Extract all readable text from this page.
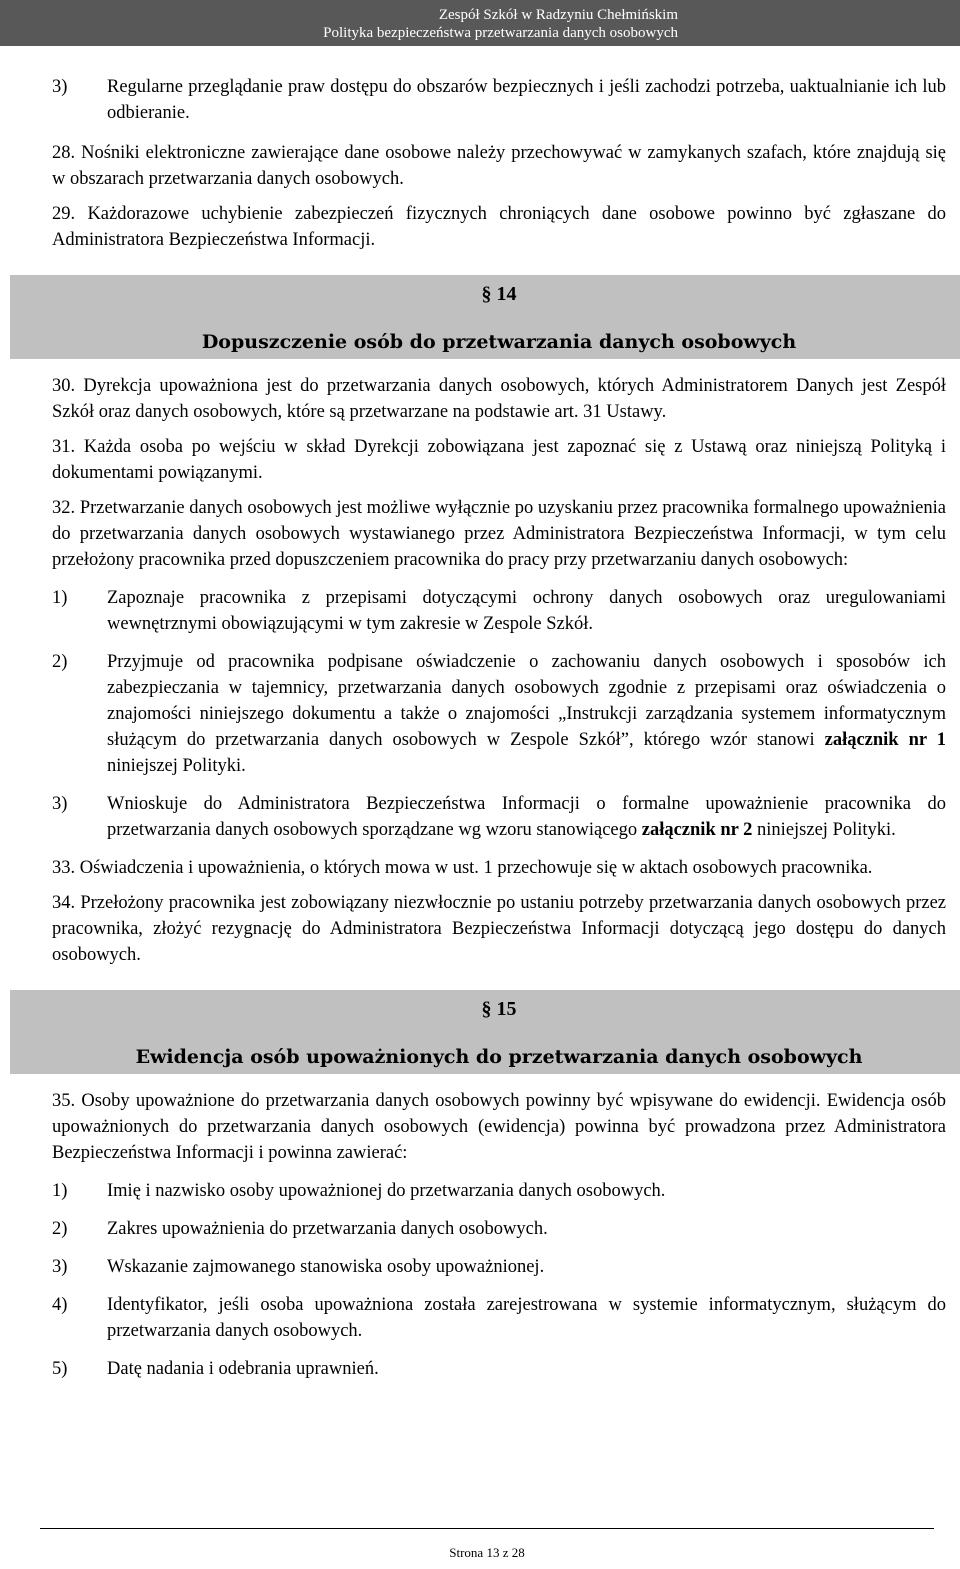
Zespół Szkół w Radzyniu Chełmińskim
Polityka bezpieczeństwa przetwarzania danych osobowych
3) Regularne przeglądanie praw dostępu do obszarów bezpiecznych i jeśli zachodzi potrzeba, uaktualnianie ich lub odbieranie.
28. Nośniki elektroniczne zawierające dane osobowe należy przechowywać w zamykanych szafach, które znajdują się w obszarach przetwarzania danych osobowych.
29. Każdorazowe uchybienie zabezpieczeń fizycznych chroniących dane osobowe powinno być zgłaszane do Administratora Bezpieczeństwa Informacji.
§ 14
Dopuszczenie osób do przetwarzania danych osobowych
30. Dyrekcja upoważniona jest do przetwarzania danych osobowych, których Administratorem Danych jest Zespół Szkół oraz danych osobowych, które są przetwarzane na podstawie art. 31 Ustawy.
31. Każda osoba po wejściu w skład Dyrekcji zobowiązana jest zapoznać się z Ustawą oraz niniejszą Polityką i dokumentami powiązanymi.
32. Przetwarzanie danych osobowych jest możliwe wyłącznie po uzyskaniu przez pracownika formalnego upoważnienia do przetwarzania danych osobowych wystawianego przez Administratora Bezpieczeństwa Informacji, w tym celu przełożony pracownika przed dopuszczeniem pracownika do pracy przy przetwarzaniu danych osobowych:
1) Zapoznaje pracownika z przepisami dotyczącymi ochrony danych osobowych oraz uregulowaniami wewnętrznymi obowiązującymi w tym zakresie w Zespole Szkół.
2) Przyjmuje od pracownika podpisane oświadczenie o zachowaniu danych osobowych i sposobów ich zabezpieczania w tajemnicy, przetwarzania danych osobowych zgodnie z przepisami oraz oświadczenia o znajomości niniejszego dokumentu a także o znajomości „Instrukcji zarządzania systemem informatycznym służącym do przetwarzania danych osobowych w Zespole Szkół”, którego wzór stanowi załącznik nr 1 niniejszej Polityki.
3) Wnioskuje do Administratora Bezpieczeństwa Informacji o formalne upoważnienie pracownika do przetwarzania danych osobowych sporządzane wg wzoru stanowiącego załącznik nr 2 niniejszej Polityki.
33. Oświadczenia i upoważnienia, o których mowa w ust. 1 przechowuje się w aktach osobowych pracownika.
34. Przełożony pracownika jest zobowiązany niezwłocznie po ustaniu potrzeby przetwarzania danych osobowych przez pracownika, złożyć rezygnację do Administratora Bezpieczeństwa Informacji dotyczącą jego dostępu do danych osobowych.
§ 15
Ewidencja osób upoważnionych do przetwarzania danych osobowych
35. Osoby upoważnione do przetwarzania danych osobowych powinny być wpisywane do ewidencji. Ewidencja osób upoważnionych do przetwarzania danych osobowych (ewidencja) powinna być prowadzona przez Administratora Bezpieczeństwa Informacji i powinna zawierać:
1) Imię i nazwisko osoby upoważnionej do przetwarzania danych osobowych.
2) Zakres upoważnienia do przetwarzania danych osobowych.
3) Wskazanie zajmowanego stanowiska osoby upoważnionej.
4) Identyfikator, jeśli osoba upoważniona została zarejestrowana w systemie informatycznym, służącym do przetwarzania danych osobowych.
5) Datę nadania i odebrania uprawnień.
Strona 13 z 28
